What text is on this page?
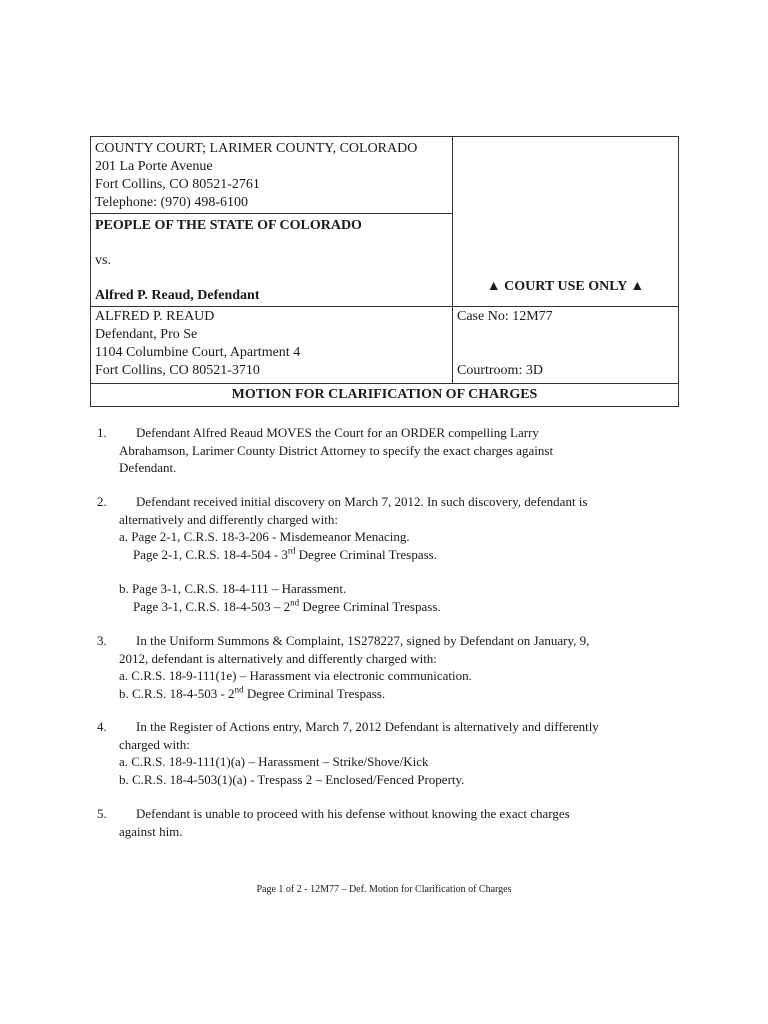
COUNTY COURT; LARIMER COUNTY, COLORADO
201 La Porte Avenue
Fort Collins, CO 80521-2761
Telephone: (970) 498-6100
PEOPLE OF THE STATE OF COLORADO
vs.
Alfred P. Reaud, Defendant
▲ COURT USE ONLY ▲
ALFRED P. REAUD
Defendant, Pro Se
1104 Columbine Court, Apartment 4
Fort Collins, CO 80521-3710
Case No: 12M77
Courtroom: 3D
MOTION FOR CLARIFICATION OF CHARGES
1.	Defendant Alfred Reaud MOVES the Court for an ORDER compelling Larry
Abrahamson, Larimer County District Attorney to specify the exact charges against
Defendant.
2.	Defendant received initial discovery on March 7, 2012. In such discovery, defendant is
alternatively and differently charged with:
a. Page 2-1, C.R.S. 18-3-206 - Misdemeanor Menacing.
Page 2-1, C.R.S. 18-4-504 - 3rd Degree Criminal Trespass.
b. Page 3-1, C.R.S. 18-4-111 – Harassment.
Page 3-1, C.R.S. 18-4-503 – 2nd Degree Criminal Trespass.
3.	In the Uniform Summons & Complaint, 1S278227, signed by Defendant on January, 9,
2012, defendant is alternatively and differently charged with:
a. C.R.S. 18-9-111(1e) – Harassment via electronic communication.
b. C.R.S. 18-4-503 - 2nd Degree Criminal Trespass.
4.	In the Register of Actions entry, March 7, 2012 Defendant is alternatively and differently
charged with:
a. C.R.S. 18-9-111(1)(a) – Harassment – Strike/Shove/Kick
b. C.R.S. 18-4-503(1)(a) - Trespass 2 – Enclosed/Fenced Property.
5.	Defendant is unable to proceed with his defense without knowing the exact charges
against him.
Page 1 of 2 - 12M77 – Def. Motion for Clarification of Charges
